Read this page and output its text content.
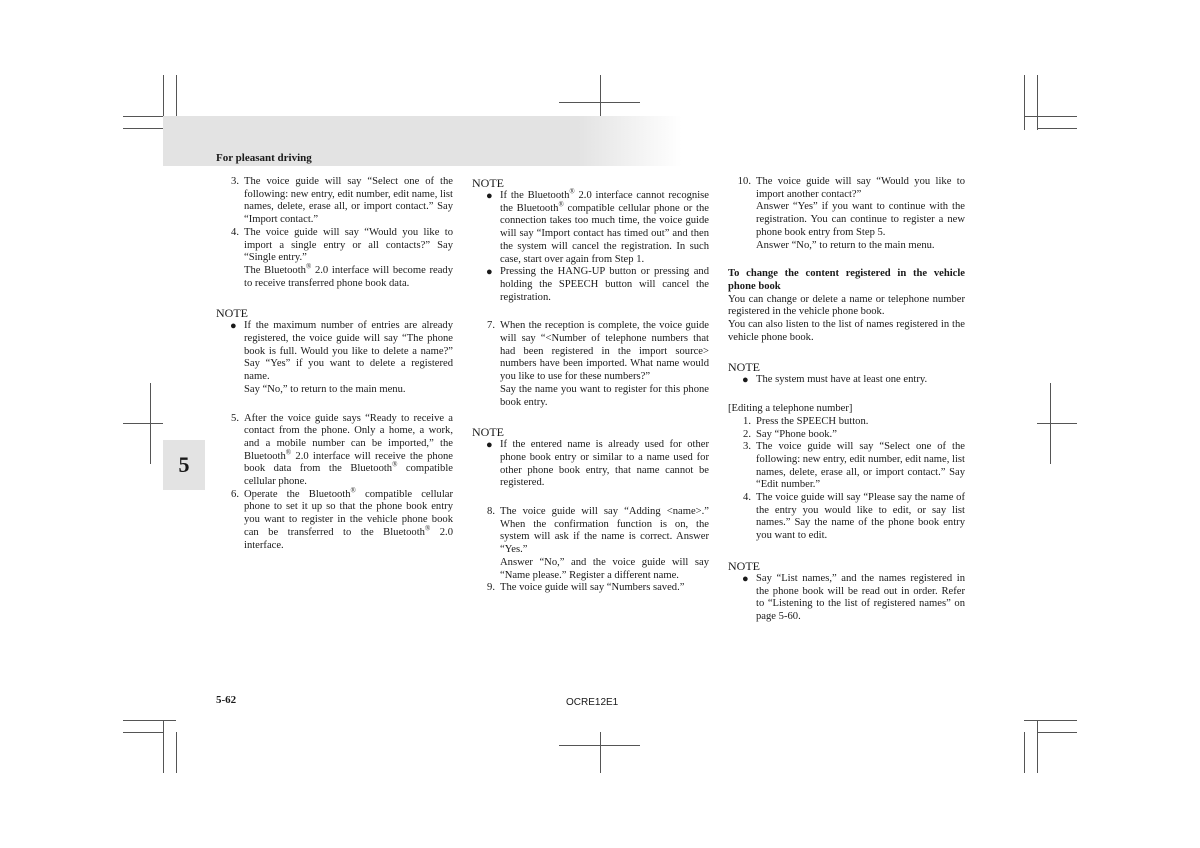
For pleasant driving
5
3. The voice guide will say “Select one of the following: new entry, edit number, edit name, list names, delete, erase all, or import contact.” Say “Import contact.”
4. The voice guide will say “Would you like to import a single entry or all contacts?” Say “Single entry.”

The Bluetooth® 2.0 interface will become ready to receive transferred phone book data.

NOTE

● If the maximum number of entries are already registered, the voice guide will say “The phone book is full. Would you like to delete a name?” Say “Yes” if you want to delete a registered name.

Say “No,” to return to the main menu.

5. After the voice guide says “Ready to receive a contact from the phone. Only a home, a work, and a mobile number can be imported,” the Bluetooth® 2.0 interface will receive the phone book data from the Bluetooth® compatible cellular phone.
6. Operate the Bluetooth® compatible cellular phone to set it up so that the phone book entry you want to register in the vehicle phone book can be transferred to the Bluetooth® 2.0 interface.

NOTE

● If the Bluetooth® 2.0 interface cannot recognise the Bluetooth® compatible cellular phone or the connection takes too much time, the voice guide will say “Import contact has timed out” and then the system will cancel the registration. In such case, start over again from Step 1.
● Pressing the HANG-UP button or pressing and holding the SPEECH button will cancel the registration.
7. When the reception is complete, the voice guide will say “<Number of telephone numbers that had been registered in the import source> numbers have been imported. What name would you like to use for these numbers?”

Say the name you want to register for this phone book entry.

NOTE

● If the entered name is already used for other phone book entry or similar to a name used for other phone book entry, that name cannot be registered.
8. The voice guide will say “Adding <name>.” When the confirmation function is on, the system will ask if the name is correct. Answer “Yes.”

Answer “No,” and the voice guide will say “Name please.” Register a different name.

9. The voice guide will say “Numbers saved.”
10. The voice guide will say “Would you like to import another contact?”

Answer “Yes” if you want to continue with the registration. You can continue to register a new phone book entry from Step 5.

Answer “No,” to return to the main menu.

To change the content registered in the vehicle phone book

You can change or delete a name or telephone number registered in the vehicle phone book.

You can also listen to the list of names registered in the vehicle phone book.

NOTE

● The system must have at least one entry.

[Editing a telephone number]

1. Press the SPEECH button.
2. Say “Phone book.”
3. The voice guide will say “Select one of the following: new entry, edit number, edit name, list names, delete, erase all, or import contact.” Say “Edit number.”
4. The voice guide will say “Please say the name of the entry you would like to edit, or say list names.” Say the name of the phone book entry you want to edit.

NOTE

● Say “List names,” and the names registered in the phone book will be read out in order. Refer to “Listening to the list of registered names” on page 5-60.
5-62	OCRE12E1
